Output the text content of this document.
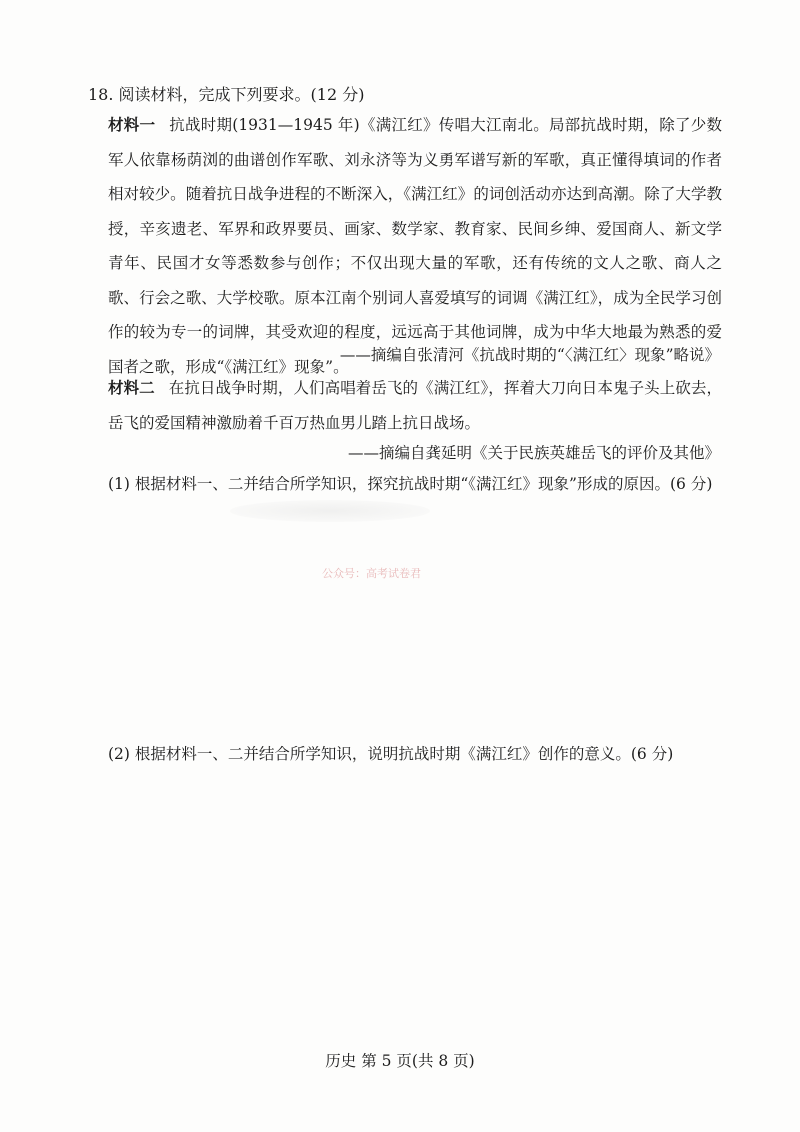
18. 阅读材料，完成下列要求。(12 分)
材料一 抗战时期(1931—1945 年)《满江红》传唱大江南北。局部抗战时期，除了少数军人依靠杨荫浏的曲谱创作军歌、刘永济等为义勇军谱写新的军歌，真正懂得填词的作者相对较少。随着抗日战争进程的不断深入，《满江红》的词创活动亦达到高潮。除了大学教授，辛亥遗老、军界和政界要员、画家、数学家、教育家、民间乡绅、爱国商人、新文学青年、民国才女等悉数参与创作；不仅出现大量的军歌，还有传统的文人之歌、商人之歌、行会之歌、大学校歌。原本江南个别词人喜爱填写的词调《满江红》，成为全民学习创作的较为专一的词牌，其受欢迎的程度，远远高于其他词牌，成为中华大地最为熟悉的爱国者之歌，形成“《满江红》现象”。
——摘编自张清河《抗战时期的“〈满江红〉现象”略说》
材料二 在抗日战争时期，人们高唱着岳飞的《满江红》，挥着大刀向日本鬼子头上砍去，岳飞的爱国精神激励着千百万热血男儿踏上抗日战场。
——摘编自龚延明《关于民族英雄岳飞的评价及其他》
(1) 根据材料一、二并结合所学知识，探究抗战时期“《满江红》现象”形成的原因。(6 分)
公众号：高考试卷君
(2) 根据材料一、二并结合所学知识，说明抗战时期《满江红》创作的意义。(6 分)
历史 第 5 页(共 8 页)
